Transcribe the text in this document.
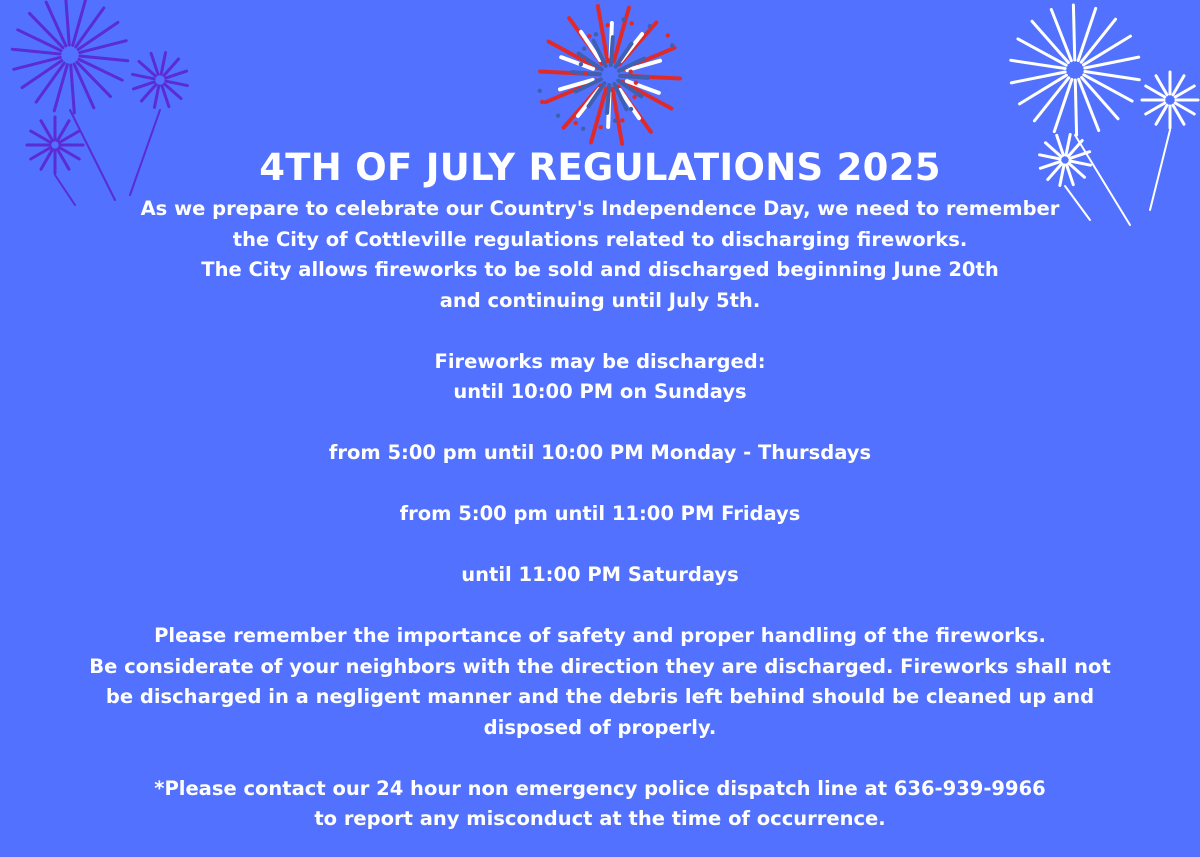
4TH OF JULY REGULATIONS 2025

As we prepare to celebrate our Country's Independence Day, we need to remember

the City of Cottleville regulations related to discharging fireworks.

The City allows fireworks to be sold and discharged beginning June 20th

and continuing until July 5th.

Fireworks may be discharged:

until 10:00 PM on Sundays

from 5:00 pm until 10:00 PM Monday - Thursdays

from 5:00 pm until 11:00 PM Fridays

until 11:00 PM Saturdays

Please remember the importance of safety and proper handling of the fireworks.

Be considerate of your neighbors with the direction they are discharged. Fireworks shall not

be discharged in a negligent manner and the debris left behind should be cleaned up and

disposed of properly.

*Please contact our 24 hour non emergency police dispatch line at 636-939-9966

to report any misconduct at the time of occurrence.
